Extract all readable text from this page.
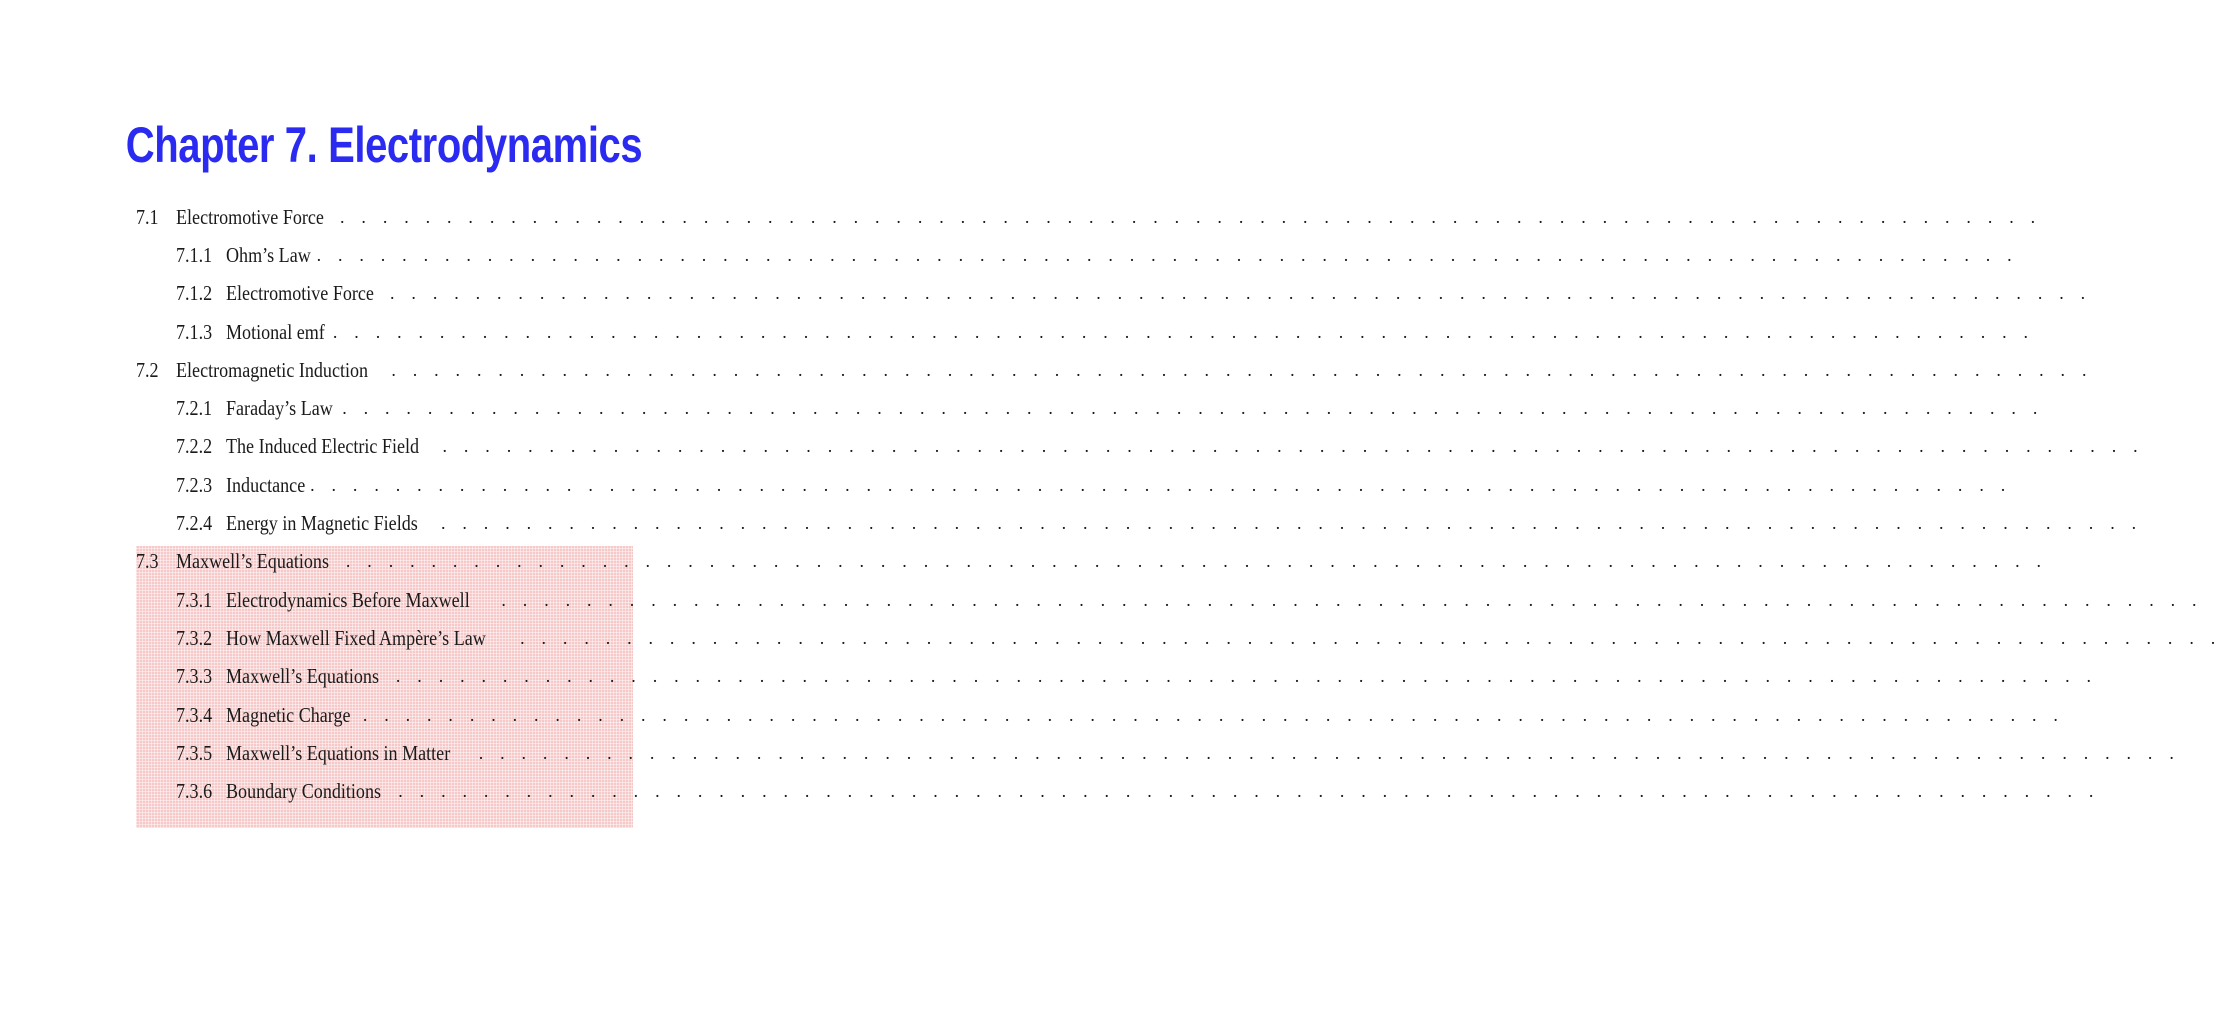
Chapter 7. Electrodynamics
7.1 Electromotive Force . . . . . . . . . . . . . . . . . . . . . . . . . . . . . . . . . . . . . . . . . . . . . . . . . . . . . . . . . . . . . . . . . . . . . . . . . . . . . . . .
7.1.1 Ohm’s Law . . . . . . . . . . . . . . . . . . . . . . . . . . . . . . . . . . . . . . . . . . . . . . . . . . . . . . . . . . . . . . . . . . . . . . . . . . . . . . . .
7.1.2 Electromotive Force . . . . . . . . . . . . . . . . . . . . . . . . . . . . . . . . . . . . . . . . . . . . . . . . . . . . . . . . . . . . . . . . . . . . . . . . . . . . . . . .
7.1.3 Motional emf . . . . . . . . . . . . . . . . . . . . . . . . . . . . . . . . . . . . . . . . . . . . . . . . . . . . . . . . . . . . . . . . . . . . . . . . . . . . . . . .
7.2 Electromagnetic Induction	. . . . . . . . . . . . . . . . . . . . . . . . . . . . . . . . . . . . . . . . . . . . . . . . . . . . . . . . . . . . . . . . . . . . . . . . . . . . . . . .
7.2.1 Faraday’s Law . . . . . . . . . . . . . . . . . . . . . . . . . . . . . . . . . . . . . . . . . . . . . . . . . . . . . . . . . . . . . . . . . . . . . . . . . . . . . . . .
7.2.2 The Induced Electric Field	. . . . . . . . . . . . . . . . . . . . . . . . . . . . . . . . . . . . . . . . . . . . . . . . . . . . . . . . . . . . . . . . . . . . . . . . . . . . . . . .
7.2.3 Inductance . . . . . . . . . . . . . . . . . . . . . . . . . . . . . . . . . . . . . . . . . . . . . . . . . . . . . . . . . . . . . . . . . . . . . . . . . . . . . . . .
7.2.4 Energy in Magnetic Fields	. . . . . . . . . . . . . . . . . . . . . . . . . . . . . . . . . . . . . . . . . . . . . . . . . . . . . . . . . . . . . . . . . . . . . . . . . . . . . . . .
7.3 Maxwell’s Equations . . . . . . . . . . . . . . . . . . . . . . . . . . . . . . . . . . . . . . . . . . . . . . . . . . . . . . . . . . . . . . . . . . . . . . . . . . . . . . . .
7.3.1 Electrodynamics Before Maxwell	. . . . . . . . . . . . . . . . . . . . . . . . . . . . . . . . . . . . . . . . . . . . . . . . . . . . . . . . . . . . . . . . . . . . . . . . . . . . . . . .
7.3.2 How Maxwell Fixed Ampère’s Law	. . . . . . . . . . . . . . . . . . . . . . . . . . . . . . . . . . . . . . . . . . . . . . . . . . . . . . . . . . . . . . . . . . . . . . . . . . . . . . . .
7.3.3 Maxwell’s Equations . . . . . . . . . . . . . . . . . . . . . . . . . . . . . . . . . . . . . . . . . . . . . . . . . . . . . . . . . . . . . . . . . . . . . . . . . . . . . . . .
7.3.4 Magnetic Charge . . . . . . . . . . . . . . . . . . . . . . . . . . . . . . . . . . . . . . . . . . . . . . . . . . . . . . . . . . . . . . . . . . . . . . . . . . . . . . . .
7.3.5 Maxwell’s Equations in Matter	. . . . . . . . . . . . . . . . . . . . . . . . . . . . . . . . . . . . . . . . . . . . . . . . . . . . . . . . . . . . . . . . . . . . . . . . . . . . . . . .
7.3.6 Boundary Conditions . . . . . . . . . . . . . . . . . . . . . . . . . . . . . . . . . . . . . . . . . . . . . . . . . . . . . . . . . . . . . . . . . . . . . . . . . . . . . . . .
